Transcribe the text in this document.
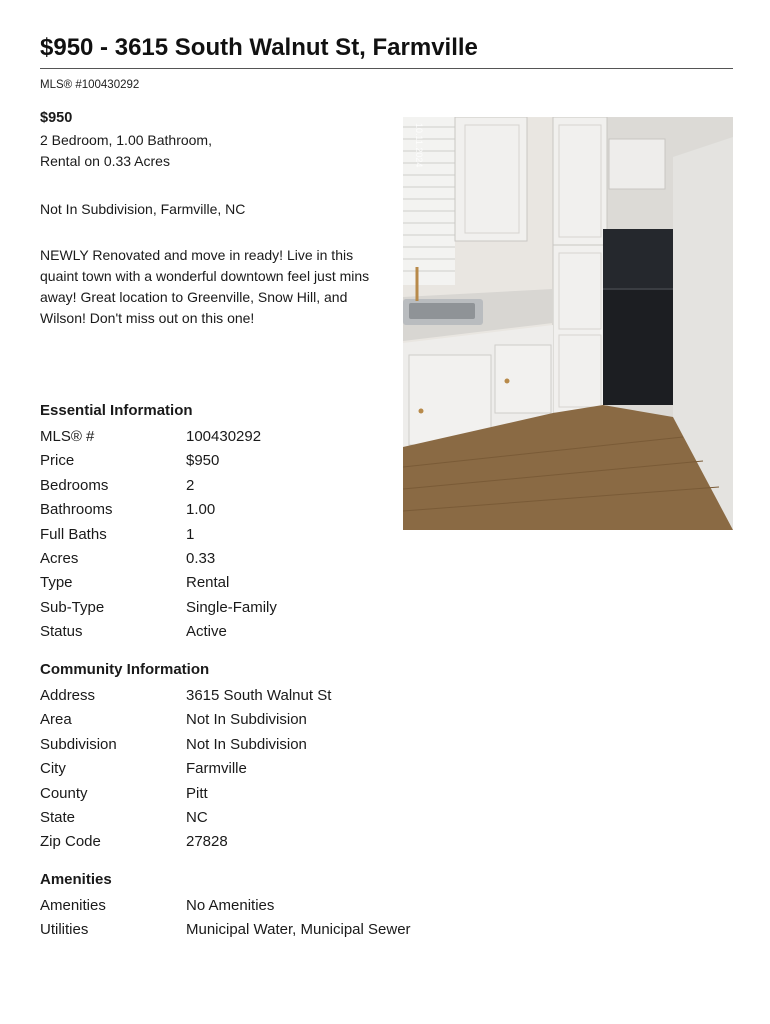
$950 - 3615 South Walnut St, Farmville
MLS® #100430292
$950
2 Bedroom, 1.00 Bathroom,
Rental on 0.33 Acres
Not In Subdivision, Farmville, NC
NEWLY Renovated and move in ready! Live in this quaint town with a wonderful downtown feel just mins away! Great location to Greenville, Snow Hill, and Wilson! Don't miss out on this one!
10.11.2024
Essential Information
MLS® #	100430292
Price	$950
Bedrooms	2
Bathrooms	1.00
Full Baths	1
Acres	0.33
Type	Rental
Sub-Type	Single-Family
Status	Active
Community Information
Address	3615 South Walnut St
Area	Not In Subdivision
Subdivision	Not In Subdivision
City	Farmville
County	Pitt
State	NC
Zip Code	27828
Amenities
Amenities	No Amenities
Utilities	Municipal Water, Municipal Sewer
